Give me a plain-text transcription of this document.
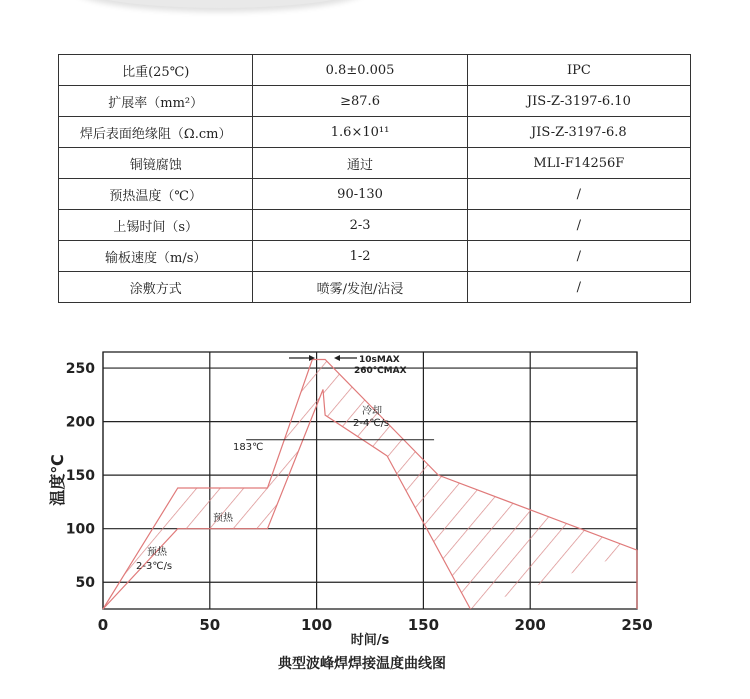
比重(25℃)	0.8±0.005	IPC
扩展率（mm²）	≥87.6	JIS-Z-3197-6.10
焊后表面绝缘阻（Ω.cm）	1.6×10¹¹	JIS-Z-3197-6.8
铜镜腐蚀	通过	MLI-F14256F
预热温度（℃）	90-130	/
上锡时间（s）	2-3	/
输板速度（m/s）	1-2	/
涂敷方式	喷雾/发泡/沾浸	/
0	50	100	150	200	250
50
100
150
200
250
10sMAX
260℃MAX
183℃
冷却
2-4℃/s
预热
预热
2-3℃/s
时间/s
温度℃
典型波峰焊焊接温度曲线图
